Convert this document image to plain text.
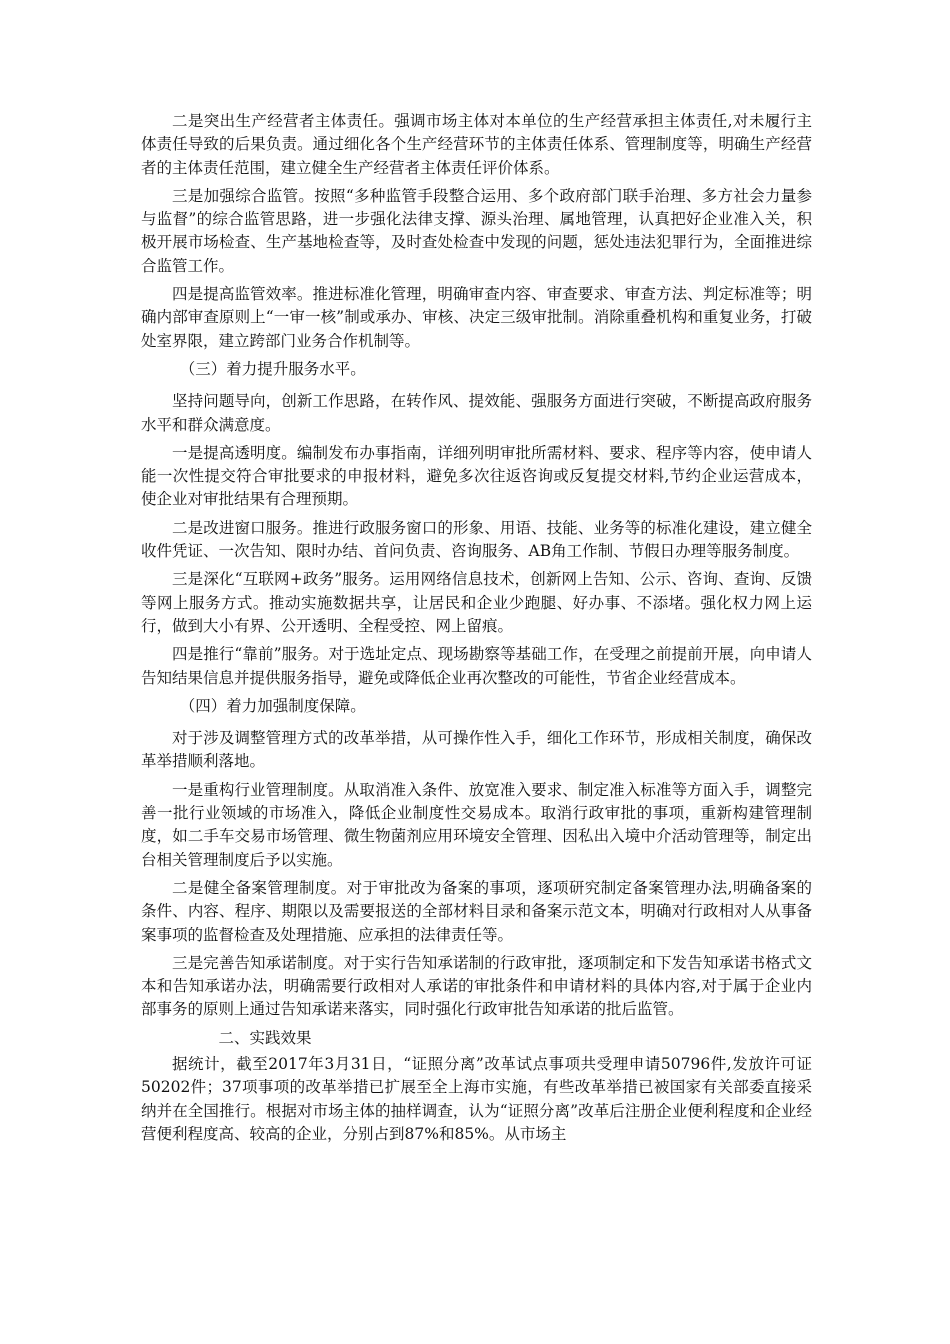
二是突出生产经营者主体责任。强调市场主体对本单位的生产经营承担主体责任,对未履行主体责任导致的后果负责。通过细化各个生产经营环节的主体责任体系、管理制度等，明确生产经营者的主体责任范围，建立健全生产经营者主体责任评价体系。

三是加强综合监管。按照“多种监管手段整合运用、多个政府部门联手治理、多方社会力量参与监督”的综合监管思路，进一步强化法律支撑、源头治理、属地管理，认真把好企业准入关，积极开展市场检查、生产基地检查等，及时查处检查中发现的问题，惩处违法犯罪行为，全面推进综合监管工作。

四是提高监管效率。推进标准化管理，明确审查内容、审查要求、审查方法、判定标准等；明确内部审查原则上“一审一核”制或承办、审核、决定三级审批制。消除重叠机构和重复业务，打破处室界限，建立跨部门业务合作机制等。

（三）着力提升服务水平。

坚持问题导向，创新工作思路，在转作风、提效能、强服务方面进行突破，不断提高政府服务水平和群众满意度。

一是提高透明度。编制发布办事指南，详细列明审批所需材料、要求、程序等内容，使申请人能一次性提交符合审批要求的申报材料，避免多次往返咨询或反复提交材料,节约企业运营成本，使企业对审批结果有合理预期。

二是改进窗口服务。推进行政服务窗口的形象、用语、技能、业务等的标准化建设，建立健全收件凭证、一次告知、限时办结、首问负责、咨询服务、AB角工作制、节假日办理等服务制度。

三是深化“互联网+政务”服务。运用网络信息技术，创新网上告知、公示、咨询、查询、反馈等网上服务方式。推动实施数据共享，让居民和企业少跑腿、好办事、不添堵。强化权力网上运行，做到大小有界、公开透明、全程受控、网上留痕。

四是推行“靠前”服务。对于选址定点、现场勘察等基础工作，在受理之前提前开展，向申请人告知结果信息并提供服务指导，避免或降低企业再次整改的可能性，节省企业经营成本。

（四）着力加强制度保障。

对于涉及调整管理方式的改革举措，从可操作性入手，细化工作环节，形成相关制度，确保改革举措顺利落地。

一是重构行业管理制度。从取消准入条件、放宽准入要求、制定准入标准等方面入手，调整完善一批行业领域的市场准入，降低企业制度性交易成本。取消行政审批的事项，重新构建管理制度，如二手车交易市场管理、微生物菌剂应用环境安全管理、因私出入境中介活动管理等，制定出台相关管理制度后予以实施。

二是健全备案管理制度。对于审批改为备案的事项，逐项研究制定备案管理办法,明确备案的条件、内容、程序、期限以及需要报送的全部材料目录和备案示范文本，明确对行政相对人从事备案事项的监督检查及处理措施、应承担的法律责任等。

三是完善告知承诺制度。对于实行告知承诺制的行政审批，逐项制定和下发告知承诺书格式文本和告知承诺办法，明确需要行政相对人承诺的审批条件和申请材料的具体内容,对于属于企业内部事务的原则上通过告知承诺来落实，同时强化行政审批告知承诺的批后监管。

二、实践效果

据统计，截至2017年3月31日，“证照分离”改革试点事项共受理申请50796件,发放许可证50202件；37项事项的改革举措已扩展至全上海市实施，有些改革举措已被国家有关部委直接采纳并在全国推行。根据对市场主体的抽样调查，认为“证照分离”改革后注册企业便利程度和企业经营便利程度高、较高的企业，分别占到87%和85%。从市场主
